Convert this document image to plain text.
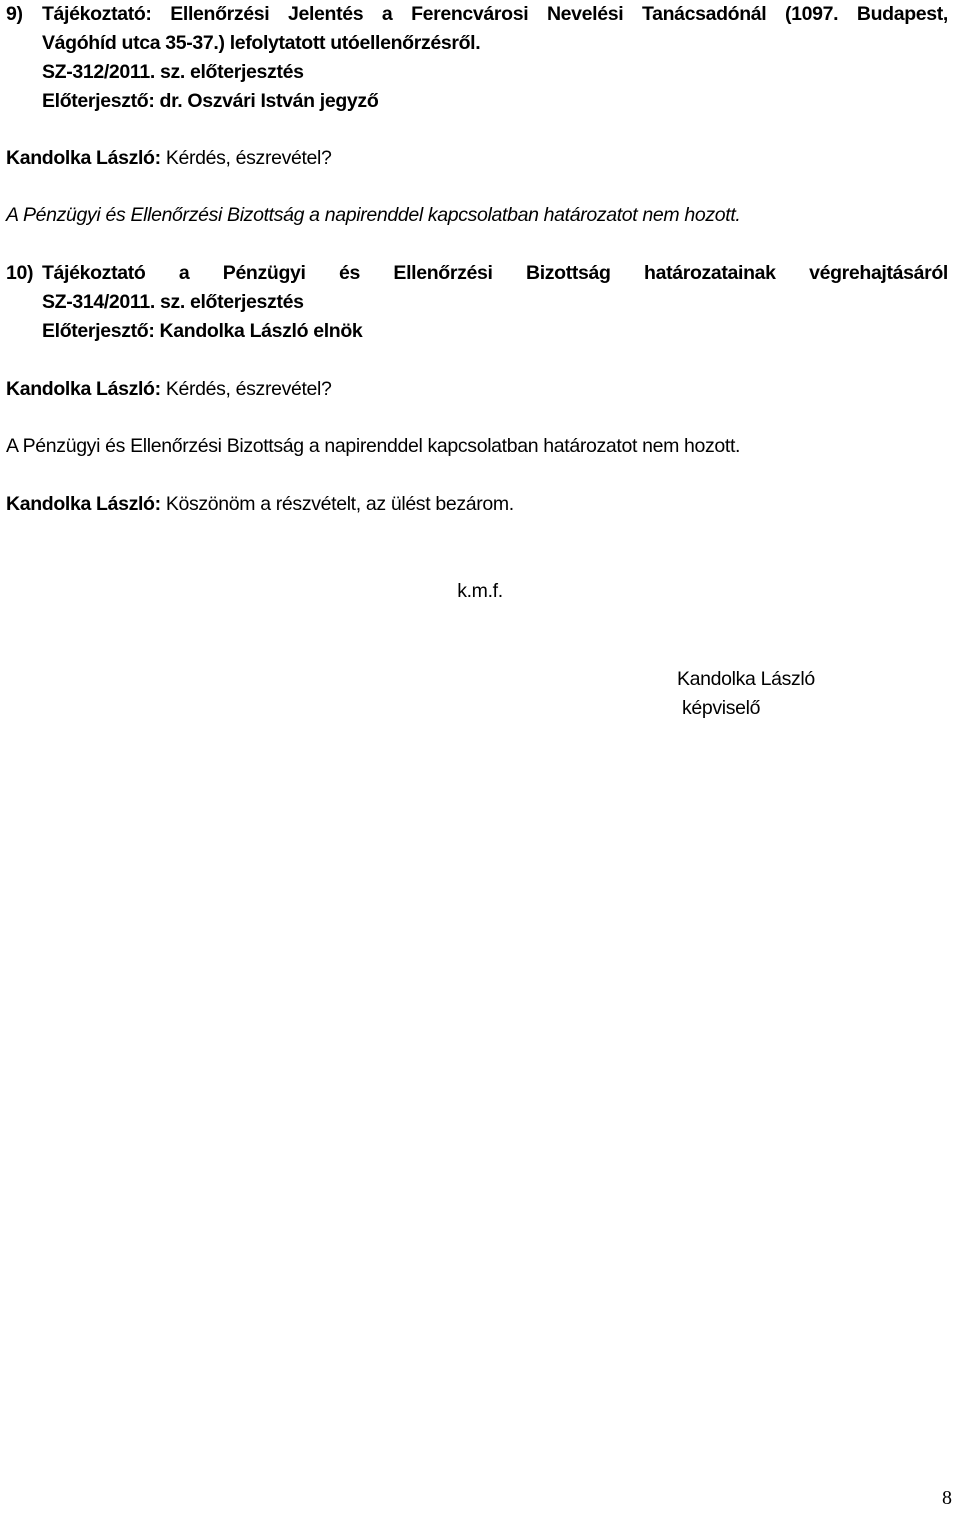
9) Tájékoztató: Ellenőrzési Jelentés a Ferencvárosi Nevelési Tanácsadónál (1097. Budapest,
Vágóhíd utca 35-37.) lefolytatott utóellenőrzésről.
SZ-312/2011. sz. előterjesztés
Előterjesztő: dr. Oszvári István jegyző
Kandolka László: Kérdés, észrevétel?
A Pénzügyi és Ellenőrzési Bizottság a napirenddel kapcsolatban határozatot nem hozott.
10) Tájékoztató a Pénzügyi és Ellenőrzési Bizottság határozatainak végrehajtásáról
SZ-314/2011. sz. előterjesztés
Előterjesztő: Kandolka László elnök
Kandolka László: Kérdés, észrevétel?
A Pénzügyi és Ellenőrzési Bizottság a napirenddel kapcsolatban határozatot nem hozott.
Kandolka László: Köszönöm a részvételt, az ülést bezárom.
k.m.f.
Kandolka László
képviselő
8
